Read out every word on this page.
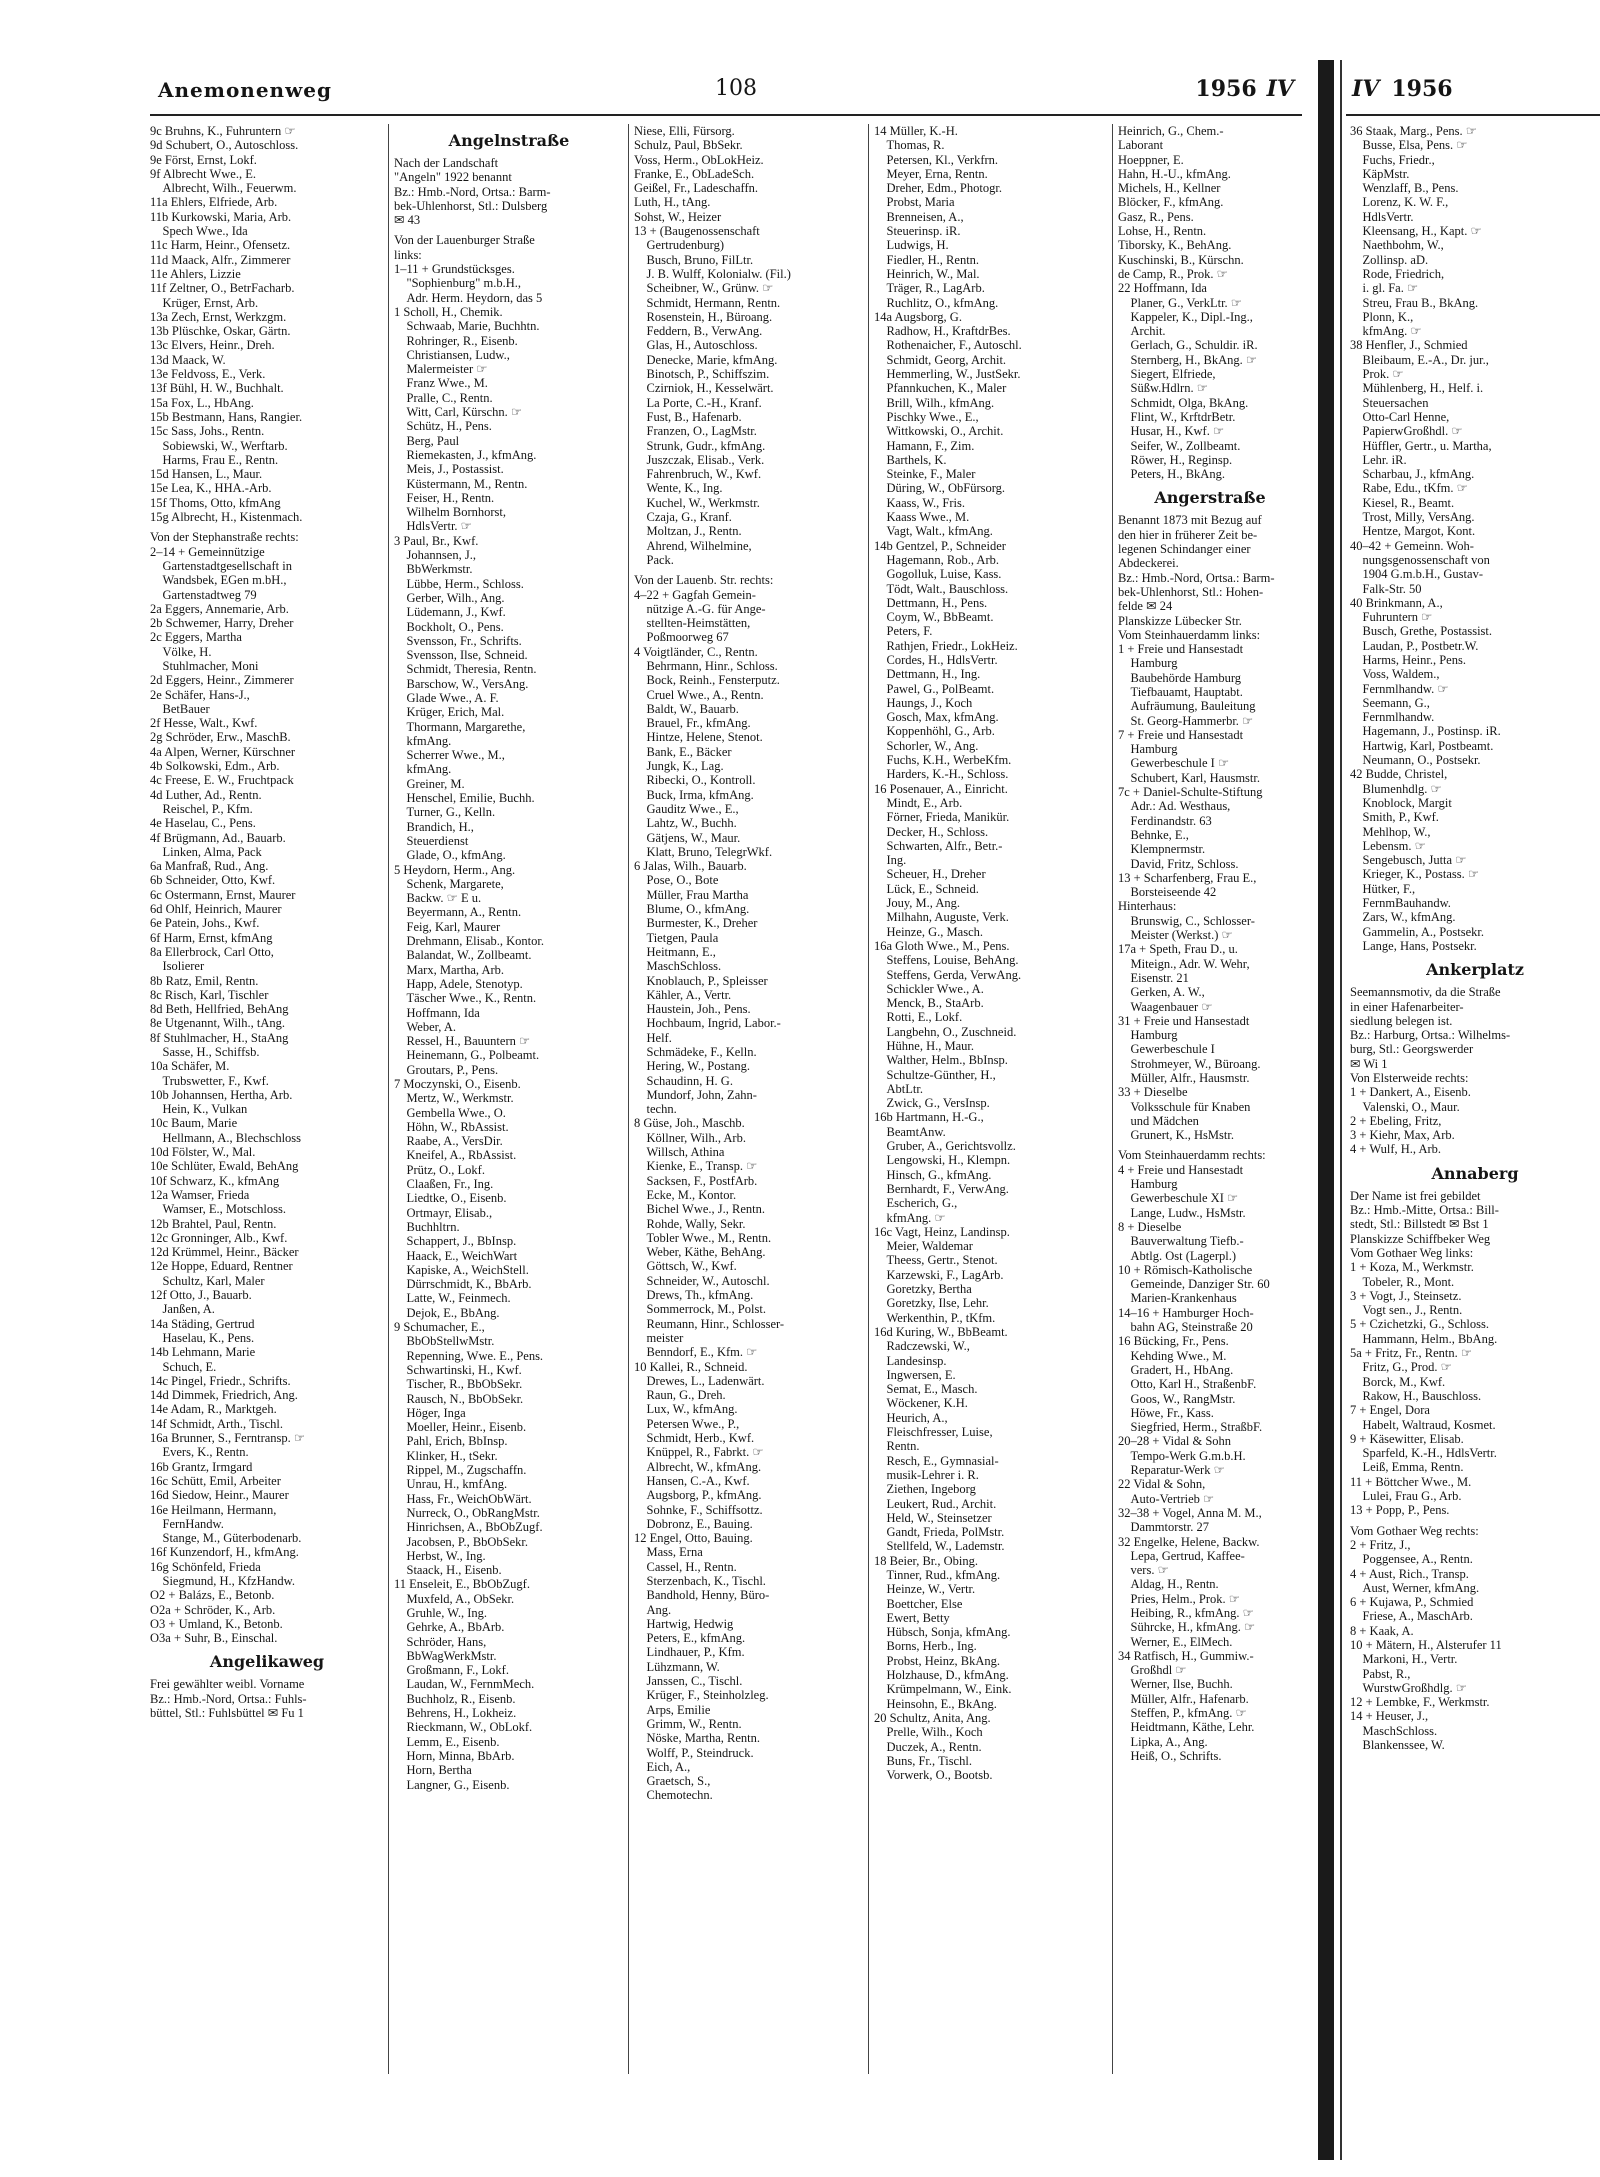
Anemonenweg	108	1956 IV
9c Bruhns, K., Fuhruntern ☞
9d Schubert, O., Autoschloss.
9e Först, Ernst, Lokf.
9f Albrecht Wwe., E.
Albrecht, Wilh., Feuerwm.
11a Ehlers, Elfriede, Arb.
11b Kurkowski, Maria, Arb.
Spech Wwe., Ida
11c Harm, Heinr., Ofensetz.
11d Maack, Alfr., Zimmerer
11e Ahlers, Lizzie
11f Zeltner, O., BetrFacharb.
Krüger, Ernst, Arb.
13a Zech, Ernst, Werkzgm.
13b Plüschke, Oskar, Gärtn.
13c Elvers, Heinr., Dreh.
13d Maack, W.
13e Feldvoss, E., Verk.
13f Bühl, H. W., Buchhalt.
15a Fox, L., HbAng.
15b Bestmann, Hans, Rangier.
15c Sass, Johs., Rentn.
Sobiewski, W., Werftarb.
Harms, Frau E., Rentn.
15d Hansen, L., Maur.
15e Lea, K., HHA.-Arb.
15f Thoms, Otto, kfmAng
15g Albrecht, H., Kistenmach.
Von der Stephanstraße rechts:
2–14 + Gemeinnützige
Gartenstadtgesellschaft in
Wandsbek, EGen m.bH.,
Gartenstadtweg 79
2a Eggers, Annemarie, Arb.
2b Schwemer, Harry, Dreher
2c Eggers, Martha
Völke, H.
Stuhlmacher, Moni
2d Eggers, Heinr., Zimmerer
2e Schäfer, Hans-J.,
BetBauer
2f Hesse, Walt., Kwf.
2g Schröder, Erw., MaschB.
4a Alpen, Werner, Kürschner
4b Solkowski, Edm., Arb.
4c Freese, E. W., Fruchtpack
4d Luther, Ad., Rentn.
Reischel, P., Kfm.
4e Haselau, C., Pens.
4f Brügmann, Ad., Bauarb.
Linken, Alma, Pack
6a Manfraß, Rud., Ang.
6b Schneider, Otto, Kwf.
6c Ostermann, Ernst, Maurer
6d Ohlf, Heinrich, Maurer
6e Patein, Johs., Kwf.
6f Harm, Ernst, kfmAng
8a Ellerbrock, Carl Otto,
Isolierer
8b Ratz, Emil, Rentn.
8c Risch, Karl, Tischler
8d Beth, Hellfried, BehAng
8e Utgenannt, Wilh., tAng.
8f Stuhlmacher, H., StaAng
Sasse, H., Schiffsb.
10a Schäfer, M.
Trubswetter, F., Kwf.
10b Johannsen, Hertha, Arb.
Hein, K., Vulkan
10c Baum, Marie
Hellmann, A., Blechschloss
10d Fölster, W., Mal.
10e Schlüter, Ewald, BehAng
10f Schwarz, K., kfmAng
12a Wamser, Frieda
Wamser, E., Motschloss.
12b Brahtel, Paul, Rentn.
12c Gronninger, Alb., Kwf.
12d Krümmel, Heinr., Bäcker
12e Hoppe, Eduard, Rentner
Schultz, Karl, Maler
12f Otto, J., Bauarb.
Janßen, A.
14a Städing, Gertrud
Haselau, K., Pens.
14b Lehmann, Marie
Schuch, E.
14c Pingel, Friedr., Schrifts.
14d Dimmek, Friedrich, Ang.
14e Adam, R., Marktgeh.
14f Schmidt, Arth., Tischl.
16a Brunner, S., Ferntransp. ☞
Evers, K., Rentn.
16b Grantz, Irmgard
16c Schütt, Emil, Arbeiter
16d Siedow, Heinr., Maurer
16e Heilmann, Hermann,
FernHandw.
Stange, M., Güterbodenarb.
16f Kunzendorf, H., kfmAng.
16g Schönfeld, Frieda
Siegmund, H., KfzHandw.
O2 + Balázs, E., Betonb.
O2a + Schröder, K., Arb.
O3 + Umland, K., Betonb.
O3a + Suhr, B., Einschal.
Angelikaweg
Frei gewählter weibl. Vorname
Bz.: Hmb.-Nord, Ortsa.: Fuhls-
büttel, Stl.: Fuhlsbüttel ✉ Fu 1
Angelnstraße
Nach der Landschaft
"Angeln" 1922 benannt
Bz.: Hmb.-Nord, Ortsa.: Barm-
bek-Uhlenhorst, Stl.: Dulsberg
✉ 43
Von der Lauenburger Straße
links:
1–11 + Grundstücksges.
"Sophienburg" m.b.H.,
Adr. Herm. Heydorn, das 5
1 Scholl, H., Chemik.
Schwaab, Marie, Buchhtn.
Rohringer, R., Eisenb.
Christiansen, Ludw.,
Malermeister ☞
Franz Wwe., M.
Pralle, C., Rentn.
Witt, Carl, Kürschn. ☞
Schütz, H., Pens.
Berg, Paul
Riemekasten, J., kfmAng.
Meis, J., Postassist.
Küstermann, M., Rentn.
Feiser, H., Rentn.
Wilhelm Bornhorst,
HdlsVertr. ☞
3 Paul, Br., Kwf.
Johannsen, J.,
BbWerkmstr.
Lübbe, Herm., Schloss.
Gerber, Wilh., Ang.
Lüdemann, J., Kwf.
Bockholt, O., Pens.
Svensson, Fr., Schrifts.
Svensson, Ilse, Schneid.
Schmidt, Theresia, Rentn.
Barschow, W., VersAng.
Glade Wwe., A. F.
Krüger, Erich, Mal.
Thormann, Margarethe,
kfmAng.
Scherrer Wwe., M.,
kfmAng.
Greiner, M.
Henschel, Emilie, Buchh.
Turner, G., Kelln.
Brandich, H.,
Steuerdienst
Glade, O., kfmAng.
5 Heydorn, Herm., Ang.
Schenk, Margarete,
Backw. ☞ E u.
Beyermann, A., Rentn.
Feig, Karl, Maurer
Drehmann, Elisab., Kontor.
Balandat, W., Zollbeamt.
Marx, Martha, Arb.
Happ, Adele, Stenotyp.
Täscher Wwe., K., Rentn.
Hoffmann, Ida
Weber, A.
Ressel, H., Bauuntern ☞
Heinemann, G., Polbeamt.
Groutars, P., Pens.
7 Moczynski, O., Eisenb.
Mertz, W., Werkmstr.
Gembella Wwe., O.
Höhn, W., RbAssist.
Raabe, A., VersDir.
Kneifel, A., RbAssist.
Prütz, O., Lokf.
Claaßen, Fr., Ing.
Liedtke, O., Eisenb.
Ortmayr, Elisab.,
Buchhltrn.
Schappert, J., BbInsp.
Haack, E., WeichWart
Kapiske, A., WeichStell.
Dürrschmidt, K., BbArb.
Latte, W., Feinmech.
Dejok, E., BbAng.
9 Schumacher, E.,
BbObStellwMstr.
Repenning, Wwe. E., Pens.
Schwartinski, H., Kwf.
Tischer, R., BbObSekr.
Rausch, N., BbObSekr.
Höger, Inga
Moeller, Heinr., Eisenb.
Pahl, Erich, BbInsp.
Klinker, H., tSekr.
Rippel, M., Zugschaffn.
Unrau, H., kmfAng.
Hass, Fr., WeichObWärt.
Nurreck, O., ObRangMstr.
Hinrichsen, A., BbObZugf.
Jacobsen, P., BbObSekr.
Herbst, W., Ing.
Staack, H., Eisenb.
11 Enseleit, E., BbObZugf.
Muxfeld, A., ObSekr.
Gruhle, W., Ing.
Gehrke, A., BbArb.
Schröder, Hans,
BbWagWerkMstr.
Großmann, F., Lokf.
Laudan, W., FernmMech.
Buchholz, R., Eisenb.
Behrens, H., Lokheiz.
Rieckmann, W., ObLokf.
Lemm, E., Eisenb.
Horn, Minna, BbArb.
Horn, Bertha
Langner, G., Eisenb.
Niese, Elli, Fürsorg.
Schulz, Paul, BbSekr.
Voss, Herm., ObLokHeiz.
Franke, E., ObLadeSch.
Geißel, Fr., Ladeschaffn.
Luth, H., tAng.
Sohst, W., Heizer
13 + (Baugenossenschaft
Gertrudenburg)
Busch, Bruno, FilLtr.
J. B. Wulff, Kolonialw. (Fil.)
Scheibner, W., Grünw. ☞
Schmidt, Hermann, Rentn.
Rosenstein, H., Büroang.
Feddern, B., VerwAng.
Glas, H., Autoschloss.
Denecke, Marie, kfmAng.
Binotsch, P., Schiffszim.
Czirniok, H., Kesselwärt.
La Porte, C.-H., Kranf.
Fust, B., Hafenarb.
Franzen, O., LagMstr.
Strunk, Gudr., kfmAng.
Juszczak, Elisab., Verk.
Fahrenbruch, W., Kwf.
Wente, K., Ing.
Kuchel, W., Werkmstr.
Czaja, G., Kranf.
Moltzan, J., Rentn.
Ahrend, Wilhelmine,
Pack.
Von der Lauenb. Str. rechts:
4–22 + Gagfah Gemein-
nützige A.-G. für Ange-
stellten-Heimstätten,
Poßmoorweg 67
4 Voigtländer, C., Rentn.
Behrmann, Hinr., Schloss.
Bock, Reinh., Fensterputz.
Cruel Wwe., A., Rentn.
Baldt, W., Bauarb.
Brauel, Fr., kfmAng.
Hintze, Helene, Stenot.
Bank, E., Bäcker
Jungk, K., Lag.
Ribecki, O., Kontroll.
Buck, Irma, kfmAng.
Gauditz Wwe., E.,
Lahtz, W., Buchh.
Gätjens, W., Maur.
Klatt, Bruno, TelegrWkf.
6 Jalas, Wilh., Bauarb.
Pose, O., Bote
Müller, Frau Martha
Blume, O., kfmAng.
Burmester, K., Dreher
Tietgen, Paula
Heitmann, E.,
MaschSchloss.
Knoblauch, P., Spleisser
Kähler, A., Vertr.
Haustein, Joh., Pens.
Hochbaum, Ingrid, Labor.-
Helf.
Schmädeke, F., Kelln.
Hering, W., Postang.
Schaudinn, H. G.
Mundorf, John, Zahn-
techn.
8 Güse, Joh., Maschb.
Köllner, Wilh., Arb.
Willsch, Athina
Kienke, E., Transp. ☞
Sacksen, F., PostfArb.
Ecke, M., Kontor.
Bichel Wwe., J., Rentn.
Rohde, Wally, Sekr.
Tobler Wwe., M., Rentn.
Weber, Käthe, BehAng.
Göttsch, W., Kwf.
Schneider, W., Autoschl.
Drews, Th., kfmAng.
Sommerrock, M., Polst.
Reumann, Hinr., Schlosser-
meister
Benndorf, E., Kfm. ☞
10 Kallei, R., Schneid.
Drewes, L., Ladenwärt.
Raun, G., Dreh.
Lux, W., kfmAng.
Petersen Wwe., P.,
Schmidt, Herb., Kwf.
Knüppel, R., Fabrkt. ☞
Albrecht, W., kfmAng.
Hansen, C.-A., Kwf.
Augsborg, P., kfmAng.
Sohnke, F., Schiffsottz.
Dobronz, E., Bauing.
12 Engel, Otto, Bauing.
Mass, Erna
Cassel, H., Rentn.
Sterzenbach, K., Tischl.
Bandhold, Henny, Büro-
Ang.
Hartwig, Hedwig
Peters, E., kfmAng.
Lindhauer, P., Kfm.
Lühzmann, W.
Janssen, C., Tischl.
Krüger, F., Steinholzleg.
Arps, Emilie
Grimm, W., Rentn.
Nöske, Martha, Rentn.
Wolff, P., Steindruck.
Eich, A.,
Graetsch, S.,
Chemotechn.
14 Müller, K.-H.
Thomas, R.
Petersen, Kl., Verkfrn.
Meyer, Erna, Rentn.
Dreher, Edm., Photogr.
Probst, Maria
Brenneisen, A.,
Steuerinsp. iR.
Ludwigs, H.
Fiedler, H., Rentn.
Heinrich, W., Mal.
Träger, R., LagArb.
Ruchlitz, O., kfmAng.
14a Augsborg, G.
Radhow, H., KraftdrBes.
Rothenaicher, F., Autoschl.
Schmidt, Georg, Archit.
Hemmerling, W., JustSekr.
Pfannkuchen, K., Maler
Brill, Wilh., kfmAng.
Pischky Wwe., E.,
Wittkowski, O., Archit.
Hamann, F., Zim.
Barthels, K.
Steinke, F., Maler
Düring, W., ObFürsorg.
Kaass, W., Fris.
Kaass Wwe., M.
Vagt, Walt., kfmAng.
14b Gentzel, P., Schneider
Hagemann, Rob., Arb.
Gogolluk, Luise, Kass.
Tödt, Walt., Bauschloss.
Dettmann, H., Pens.
Coym, W., BbBeamt.
Peters, F.
Rathjen, Friedr., LokHeiz.
Cordes, H., HdlsVertr.
Dettmann, H., Ing.
Pawel, G., PolBeamt.
Haungs, J., Koch
Gosch, Max, kfmAng.
Koppenhöhl, G., Arb.
Schorler, W., Ang.
Fuchs, K.H., WerbeKfm.
Harders, K.-H., Schloss.
16 Posenauer, A., Einricht.
Mindt, E., Arb.
Förner, Frieda, Manikür.
Decker, H., Schloss.
Schwarten, Alfr., Betr.-
Ing.
Scheuer, H., Dreher
Lück, E., Schneid.
Jouy, M., Ang.
Milhahn, Auguste, Verk.
Heinze, G., Masch.
16a Gloth Wwe., M., Pens.
Steffens, Louise, BehAng.
Steffens, Gerda, VerwAng.
Schickler Wwe., A.
Menck, B., StaArb.
Rotti, E., Lokf.
Langbehn, O., Zuschneid.
Hühne, H., Maur.
Walther, Helm., BbInsp.
Schultze-Günther, H.,
AbtLtr.
Zwick, G., VersInsp.
16b Hartmann, H.-G.,
BeamtAnw.
Gruber, A., Gerichtsvollz.
Lengowski, H., Klempn.
Hinsch, G., kfmAng.
Bernhardt, F., VerwAng.
Escherich, G.,
kfmAng. ☞
16c Vagt, Heinz, Landinsp.
Meier, Waldemar
Theess, Gertr., Stenot.
Karzewski, F., LagArb.
Goretzky, Bertha
Goretzky, Ilse, Lehr.
Werkenthin, P., tKfm.
16d Kuring, W., BbBeamt.
Radczewski, W.,
Landesinsp.
Ingwersen, E.
Semat, E., Masch.
Wöckener, K.H.
Heurich, A.,
Fleischfresser, Luise,
Rentn.
Resch, E., Gymnasial-
musik-Lehrer i. R.
Ziethen, Ingeborg
Leukert, Rud., Archit.
Held, W., Steinsetzer
Gandt, Frieda, PolMstr.
Stellfeld, W., Lademstr.
18 Beier, Br., Obing.
Tinner, Rud., kfmAng.
Heinze, W., Vertr.
Boettcher, Else
Ewert, Betty
Hübsch, Sonja, kfmAng.
Borns, Herb., Ing.
Probst, Heinz, BkAng.
Holzhause, D., kfmAng.
Krümpelmann, W., Eink.
Heinsohn, E., BkAng.
20 Schultz, Anita, Ang.
Prelle, Wilh., Koch
Duczek, A., Rentn.
Buns, Fr., Tischl.
Vorwerk, O., Bootsb.
Heinrich, G., Chem.-
Laborant
Hoeppner, E.
Hahn, H.-U., kfmAng.
Michels, H., Kellner
Blöcker, F., kfmAng.
Gasz, R., Pens.
Lohse, H., Rentn.
Tiborsky, K., BehAng.
Kuschinski, B., Kürschn.
de Camp, R., Prok. ☞
22 Hoffmann, Ida
Planer, G., VerkLtr. ☞
Kappeler, K., Dipl.-Ing.,
Archit.
Gerlach, G., Schuldir. iR.
Sternberg, H., BkAng. ☞
Siegert, Elfriede,
Süßw.Hdlrn. ☞
Schmidt, Olga, BkAng.
Flint, W., KrftdrBetr.
Husar, H., Kwf. ☞
Seifer, W., Zollbeamt.
Röwer, H., Reginsp.
Peters, H., BkAng.
Angerstraße
Benannt 1873 mit Bezug auf
den hier in früherer Zeit be-
legenen Schindanger einer
Abdeckerei.
Bz.: Hmb.-Nord, Ortsa.: Barm-
bek-Uhlenhorst, Stl.: Hohen-
felde ✉ 24
Planskizze Lübecker Str.
Vom Steinhauerdamm links:
1 + Freie und Hansestadt
Hamburg
Baubehörde Hamburg
Tiefbauamt, Hauptabt.
Aufräumung, Bauleitung
St. Georg-Hammerbr. ☞
7 + Freie und Hansestadt
Hamburg
Gewerbeschule I ☞
Schubert, Karl, Hausmstr.
7c + Daniel-Schulte-Stiftung
Adr.: Ad. Westhaus,
Ferdinandstr. 63
Behnke, E.,
Klempnermstr.
David, Fritz, Schloss.
13 + Scharfenberg, Frau E.,
Borsteiseende 42
Hinterhaus:
Brunswig, C., Schlosser-
Meister (Werkst.) ☞
17a + Speth, Frau D., u.
Miteign., Adr. W. Wehr,
Eisenstr. 21
Gerken, A. W.,
Waagenbauer ☞
31 + Freie und Hansestadt
Hamburg
Gewerbeschule I
Strohmeyer, W., Büroang.
Müller, Alfr., Hausmstr.
33 + Dieselbe
Volksschule für Knaben
und Mädchen
Grunert, K., HsMstr.
Vom Steinhauerdamm rechts:
4 + Freie und Hansestadt
Hamburg
Gewerbeschule XI ☞
Lange, Ludw., HsMstr.
8 + Dieselbe
Bauverwaltung Tiefb.-
Abtlg. Ost (Lagerpl.)
10 + Römisch-Katholische
Gemeinde, Danziger Str. 60
Marien-Krankenhaus
14–16 + Hamburger Hoch-
bahn AG, Steinstraße 20
16 Bücking, Fr., Pens.
Kehding Wwe., M.
Gradert, H., HbAng.
Otto, Karl H., StraßenbF.
Goos, W., RangMstr.
Höwe, Fr., Kass.
Siegfried, Herm., StraßbF.
20–28 + Vidal & Sohn
Tempo-Werk G.m.b.H.
Reparatur-Werk ☞
22 Vidal & Sohn,
Auto-Vertrieb ☞
32–38 + Vogel, Anna M. M.,
Dammtorstr. 27
32 Engelke, Helene, Backw.
Lepa, Gertrud, Kaffee-
vers. ☞
Aldag, H., Rentn.
Pries, Helm., Prok. ☞
Heibing, R., kfmAng. ☞
Sührcke, H., kfmAng. ☞
Werner, E., ElMech.
34 Ratfisch, H., Gummiw.-
Großhdl ☞
Werner, Ilse, Buchh.
Müller, Alfr., Hafenarb.
Steffen, P., kfmAng. ☞
Heidtmann, Käthe, Lehr.
Lipka, A., Ang.
Heiß, O., Schrifts.
IV 1956
36 Staak, Marg., Pens. ☞
Busse, Elsa, Pens. ☞
Fuchs, Friedr.,
KäpMstr.
Wenzlaff, B., Pens.
Lorenz, K. W. F.,
HdlsVertr.
Kleensang, H., Kapt. ☞
Naethbohm, W.,
Zollinsp. aD.
Rode, Friedrich,
i. gl. Fa. ☞
Streu, Frau B., BkAng.
Plonn, K.,
kfmAng. ☞
38 Henfler, J., Schmied
Bleibaum, E.-A., Dr. jur.,
Prok. ☞
Mühlenberg, H., Helf. i.
Steuersachen
Otto-Carl Henne,
PapierwGroßhdl. ☞
Hüffler, Gertr., u. Martha,
Lehr. iR.
Scharbau, J., kfmAng.
Rabe, Edu., tKfm. ☞
Kiesel, R., Beamt.
Trost, Milly, VersAng.
Hentze, Margot, Kont.
40–42 + Gemeinn. Woh-
nungsgenossenschaft von
1904 G.m.b.H., Gustav-
Falk-Str. 50
40 Brinkmann, A.,
Fuhruntern ☞
Busch, Grethe, Postassist.
Laudan, P., Postbetr.W.
Harms, Heinr., Pens.
Voss, Waldem.,
Fernmlhandw. ☞
Seemann, G.,
Fernmlhandw.
Hagemann, J., Postinsp. iR.
Hartwig, Karl, Postbeamt.
Neumann, O., Postsekr.
42 Budde, Christel,
Blumenhdlg. ☞
Knoblock, Margit
Smith, P., Kwf.
Mehlhop, W.,
Lebensm. ☞
Sengebusch, Jutta ☞
Krieger, K., Postass. ☞
Hütker, F.,
FernmBauhandw.
Zars, W., kfmAng.
Gammelin, A., Postsekr.
Lange, Hans, Postsekr.
Ankerplatz
Seemannsmotiv, da die Straße
in einer Hafenarbeiter-
siedlung belegen ist.
Bz.: Harburg, Ortsa.: Wilhelms-
burg, Stl.: Georgswerder
✉ Wi 1
Von Elsterweide rechts:
1 + Dankert, A., Eisenb.
Valenski, O., Maur.
2 + Ebeling, Fritz,
3 + Kiehr, Max, Arb.
4 + Wulf, H., Arb.
Annaberg
Der Name ist frei gebildet
Bz.: Hmb.-Mitte, Ortsa.: Bill-
stedt, Stl.: Billstedt ✉ Bst 1
Planskizze Schiffbeker Weg
Vom Gothaer Weg links:
1 + Koza, M., Werkmstr.
Tobeler, R., Mont.
3 + Vogt, J., Steinsetz.
Vogt sen., J., Rentn.
5 + Czichetzki, G., Schloss.
Hammann, Helm., BbAng.
5a + Fritz, Fr., Rentn. ☞
Fritz, G., Prod. ☞
Borck, M., Kwf.
Rakow, H., Bauschloss.
7 + Engel, Dora
Habelt, Waltraud, Kosmet.
9 + Käsewitter, Elisab.
Sparfeld, K.-H., HdlsVertr.
Leiß, Emma, Rentn.
11 + Böttcher Wwe., M.
Lulei, Frau G., Arb.
13 + Popp, P., Pens.
Vom Gothaer Weg rechts:
2 + Fritz, J.,
Poggensee, A., Rentn.
4 + Aust, Rich., Transp.
Aust, Werner, kfmAng.
6 + Kujawa, P., Schmied
Friese, A., MaschArb.
8 + Kaak, A.
10 + Mätern, H., Alsterufer 11
Markoni, H., Vertr.
Pabst, R.,
WurstwGroßhdlg. ☞
12 + Lembke, F., Werkmstr.
14 + Heuser, J.,
MaschSchloss.
Blankenssee, W.
